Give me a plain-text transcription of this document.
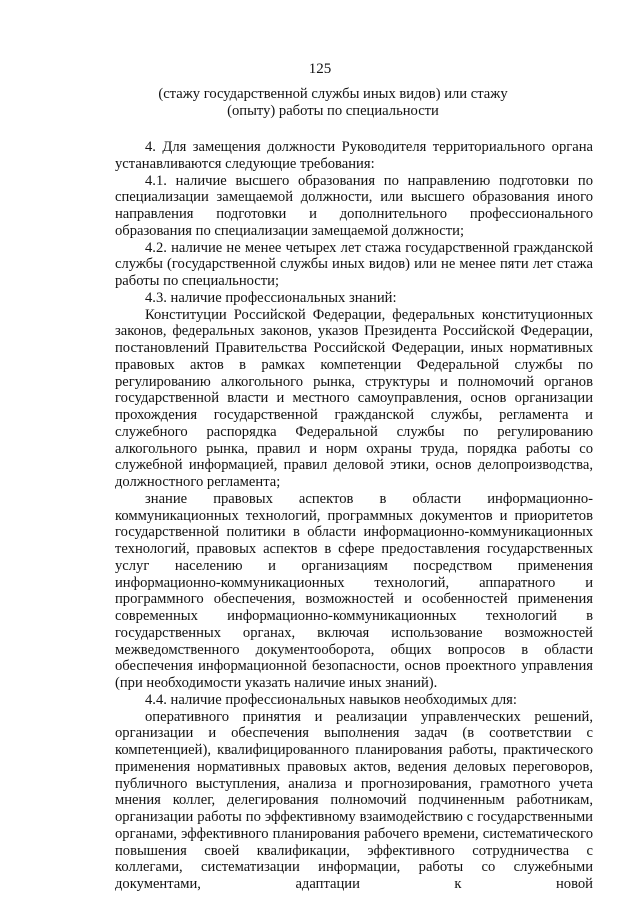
125
(стажу государственной службы иных видов) или стажу
(опыту) работы по специальности

4. Для замещения должности Руководителя территориального органа устанавливаются следующие требования:

4.1. наличие высшего образования по направлению подготовки по специализации замещаемой должности, или высшего образования иного направления подготовки и дополнительного профессионального образования по специализации замещаемой должности;

4.2. наличие не менее четырех лет стажа государственной гражданской службы (государственной службы иных видов) или не менее пяти лет стажа работы по специальности;

4.3. наличие профессиональных знаний:

Конституции Российской Федерации, федеральных конституционных законов, федеральных законов, указов Президента Российской Федерации, постановлений Правительства Российской Федерации, иных нормативных правовых актов в рамках компетенции Федеральной службы по регулированию алкогольного рынка, структуры и полномочий органов государственной власти и местного самоуправления, основ организации прохождения государственной гражданской службы, регламента и служебного распорядка Федеральной службы по регулированию алкогольного рынка, правил и норм охраны труда, порядка работы со служебной информацией, правил деловой этики, основ делопроизводства, должностного регламента;

знание правовых аспектов в области информационно-коммуникационных технологий, программных документов и приоритетов государственной политики в области информационно-коммуникационных технологий, правовых аспектов в сфере предоставления государственных услуг населению и организациям посредством применения информационно-коммуникационных технологий, аппаратного и программного обеспечения, возможностей и особенностей применения современных информационно-коммуникационных технологий в государственных органах, включая использование возможностей межведомственного документооборота, общих вопросов в области обеспечения информационной безопасности, основ проектного управления (при необходимости указать наличие иных знаний).

4.4. наличие профессиональных навыков необходимых для:

оперативного принятия и реализации управленческих решений, организации и обеспечения выполнения задач (в соответствии с компетенцией), квалифицированного планирования работы, практического применения нормативных правовых актов, ведения деловых переговоров, публичного выступления, анализа и прогнозирования, грамотного учета мнения коллег, делегирования полномочий подчиненным работникам, организации работы по эффективному взаимодействию с государственными органами, эффективного планирования рабочего времени, систематического повышения своей квалификации, эффективного сотрудничества с коллегами, систематизации информации, работы со служебными документами, адаптации к новой
